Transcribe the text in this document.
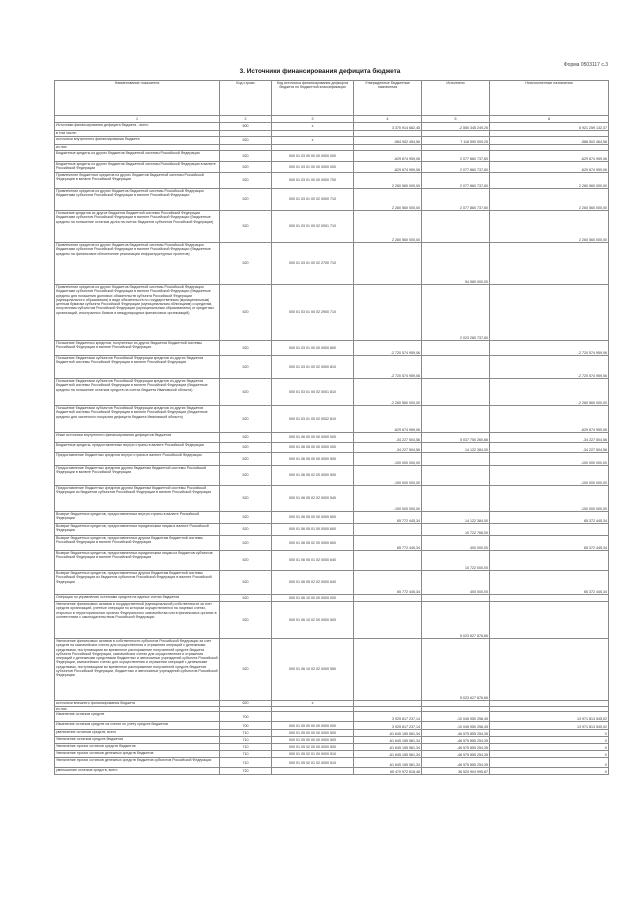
Форма 0503117 с.3
3. Источники финансирования дефицита бюджета
Наименование показателя	Код строки	Код источника финансирования дефицита бюджета по бюджетной классификации	Утвержденные бюджетные назначения	Исполнено	Неисполненные назначения
1	2	3	4	5	6
Источники финансирования дефицита бюджета - всего	500	x	3 370 914 682,45	-2 550 345 249,25	5 921 259 132,37
в том числе:					
источники внутреннего финансирования бюджета	520	x	-584 902 454,56	7 116 590 009,25	-586 502 464,56
из них:					
Бюджетные кредиты из других бюджетов бюджетной системы Российской Федерации	520	000 01 03 00 00 00 0000 000	-629 674 959,06	2 077 860 737,60	-629 674 959,06
Бюджетные кредиты из других бюджетов бюджетной системы Российской Федерации в валюте Российской Федерации	520	000 01 03 01 00 00 0000 000	-629 674 959,06	2 077 860 737,60	-629 674 959,06
Привлечение бюджетных кредитов из других бюджетов бюджетной системы Российской Федерации в валюте Российской Федерации	520	000 01 03 01 00 00 0000 700	2 260 560 000,00	2 077 860 737,60	2 260 560 000,00
Привлечение кредитов из других бюджетов бюджетной системы Российской Федерации бюджетами субъектов Российской Федерации в валюте Российской Федерации	520	000 01 03 01 00 02 0000 710	2 260 560 000,00	2 077 860 737,60	2 260 560 000,00
Погашение кредитов из других бюджетов бюджетной системы Российской Федерации бюджетами субъектов Российской Федерации в валюте Российской Федерации (бюджетные кредиты на погашение остатков долга на счетах бюджетов субъектов Российской Федерации)	520	000 01 03 01 00 02 0001 710	2 260 560 000,00		2 260 560 000,00
Привлечение кредитов из других бюджетов бюджетной системы Российской Федерации бюджетами субъектов Российской Федерации в валюте Российской Федерации (бюджетные кредиты на финансовое обеспечение реализации инфраструктурных проектов)	520	000 01 03 01 00 02 2700 710		54 580 000,00	
Привлечение кредитов из других бюджетов бюджетной системы Российской Федерации бюджетами субъектов Российской Федерации в валюте Российской Федерации (бюджетные кредиты для погашения долговых обязательств субъекта Российской Федерации (муниципального образования) в виде обязательств по государственным (муниципальным) ценным бумагам субъекта Российской Федерации (муниципальным облигациям) и кредитам, полученным субъектом Российской Федерации (муниципальным образованием) от кредитных организаций, иностранных банков и международных финансовых организаций)	520	000 01 03 01 00 02 2900 710		2 023 280 737,60	
Погашение бюджетных кредитов, полученных из других бюджетов бюджетной системы Российской Федерации в валюте Российской Федерации	520	000 01 03 01 00 00 0000 800	-2 720 574 959,06		-2 720 574 959,06
Погашение бюджетами субъектов Российской Федерации кредитов из других бюджетов бюджетной системы Российской Федерации в валюте Российской Федерации	520	000 01 03 01 00 02 0000 810	-2 720 574 959,06		-2 720 574 959,06
Погашение бюджетами субъектов Российской Федерации кредитов из других бюджетов бюджетной системы Российской Федерации в валюте Российской Федерации (бюджетные кредиты на погашение остатков средств на счетах бюджета Ивановской области)	520	000 01 03 01 00 02 0001 810	-2 260 560 000,00		-2 260 560 000,00
Погашение бюджетами субъектов Российской Федерации кредитов из других бюджетов бюджетной системы Российской Федерации в валюте Российской Федерации (бюджетные кредиты для частичного покрытия дефицита бюджета Ивановской области)	520	000 01 03 01 00 02 0002 810	-629 674 959,06		-629 674 959,06
Иные источники внутреннего финансирования дефицитов бюджетов	520	000 01 06 00 00 00 0000 000	-34 227 504,56	5 037 750 260,66	-34 227 504,56
Бюджетные кредиты, предоставленные внутри страны в валюте Российской Федерации	520	000 01 06 05 00 00 0000 000	-34 227 504,56	14 122 384,00	-34 227 504,56
Предоставление бюджетных кредитов внутри страны в валюте Российской Федерации	520	000 01 06 05 00 00 0000 500	-100 000 000,00		-100 000 000,00
Предоставление бюджетных кредитов другим бюджетам бюджетной системы Российской Федерации в валюте Российской Федерации	520	000 01 06 05 02 00 0000 500	-100 000 000,00		-100 000 000,00
Предоставление бюджетных кредитов другим бюджетам бюджетной системы Российской Федерации из бюджетов субъектов Российской Федерации в валюте Российской Федерации	520	000 01 06 05 02 02 0000 540	-100 000 000,00		-100 000 000,00
Возврат бюджетных кредитов, предоставленных внутри страны в валюте Российской Федерации	520	000 01 06 05 00 00 0000 600	65 772 445,34	14 122 384,00	65 372 445,34
Возврат бюджетных кредитов, предоставленных юридическим лицам в валюте Российской Федерации	520	000 01 06 05 01 00 0000 600		10 722 768,00	
Возврат бюджетных кредитов, предоставленных другим бюджетам бюджетной системы Российской Федерации в валюте Российской Федерации	520	000 01 06 05 02 00 0000 600	65 772 445,34	400 000,00	65 372 445,34
Возврат бюджетных кредитов, предоставленных юридическим лицам из бюджетов субъектов Российской Федерации в валюте Российской Федерации	520	000 01 06 05 01 02 0000 640		10 722 000,00	
Возврат бюджетных кредитов, предоставленных другим бюджетам бюджетной системы Российской Федерации из бюджетов субъектов Российской Федерации в валюте Российской Федерации	520	000 01 06 05 02 02 0000 640	65 772 445,34	400 000,00	65 372 445,34
Операции по управлению остатками средств на единых счетах бюджетов	520	000 01 06 10 00 00 0000 000			
Увеличение финансовых активов в государственной (муниципальной) собственности за счет средств организаций, учетные операции по которым осуществляются на лицевых счетах, открытых в территориальных органах Федерального казначейства или в финансовых органах в соответствии с законодательством Российской Федерации	520	000 01 06 10 02 00 0000 500		5 023 627 876,66	
Увеличение финансовых активов в собственности субъектов Российской Федерации за счет средств на казначейских счетах для осуществления и отражения операций с денежными средствами, поступающими во временное распоряжение получателей средств бюджета субъекта Российской Федерации, казначейских счетах для осуществления и отражения операций с денежными средствами бюджетных и автономных учреждений субъекта Российской Федерации, казначейских счетах для осуществления и отражения операций с денежными средствами, поступающими во временное распоряжение получателей средств бюджетов субъектов Российской Федерации, бюджетных и автономных учреждений субъектов Российской Федерации	520	000 01 06 10 02 02 0000 550		5 023 627 876,66	
источники внешнего финансирования бюджета	620	x			
из них:					
Изменение остатков средств	700		3 925 817 237,14	-10 045 950 258,45	13 971 813 545,02
Изменение остатков средств на счетах по учету средств бюджетов	700	000 01 05 00 00 00 0000 000	3 925 817 237,14	-10 045 950 258,45	13 971 813 545,02
увеличение остатков средств, всего	710	000 01 05 00 00 00 0000 500	-61 645 155 581,34	-46 575 855 254,35	X
Увеличение остатков средств бюджетов	710	000 01 05 00 00 00 0000 500	-61 645 155 581,34	-46 575 855 254,35	X
Увеличение прочих остатков средств бюджетов	710	000 01 05 02 00 00 0000 500	-61 645 155 581,34	-46 575 855 254,35	X
Увеличение прочих остатков денежных средств бюджетов	710	000 01 05 02 01 00 0000 510	-61 645 155 581,34	-46 575 855 254,35	X
Увеличение прочих остатков денежных средств бюджетов субъектов Российской Федерации	710	000 01 05 02 01 02 0000 510	-61 645 155 581,34	-46 575 855 254,35	X
уменьшение остатков средств, всего	720		65 470 972 818,48	36 529 904 995,87	X
